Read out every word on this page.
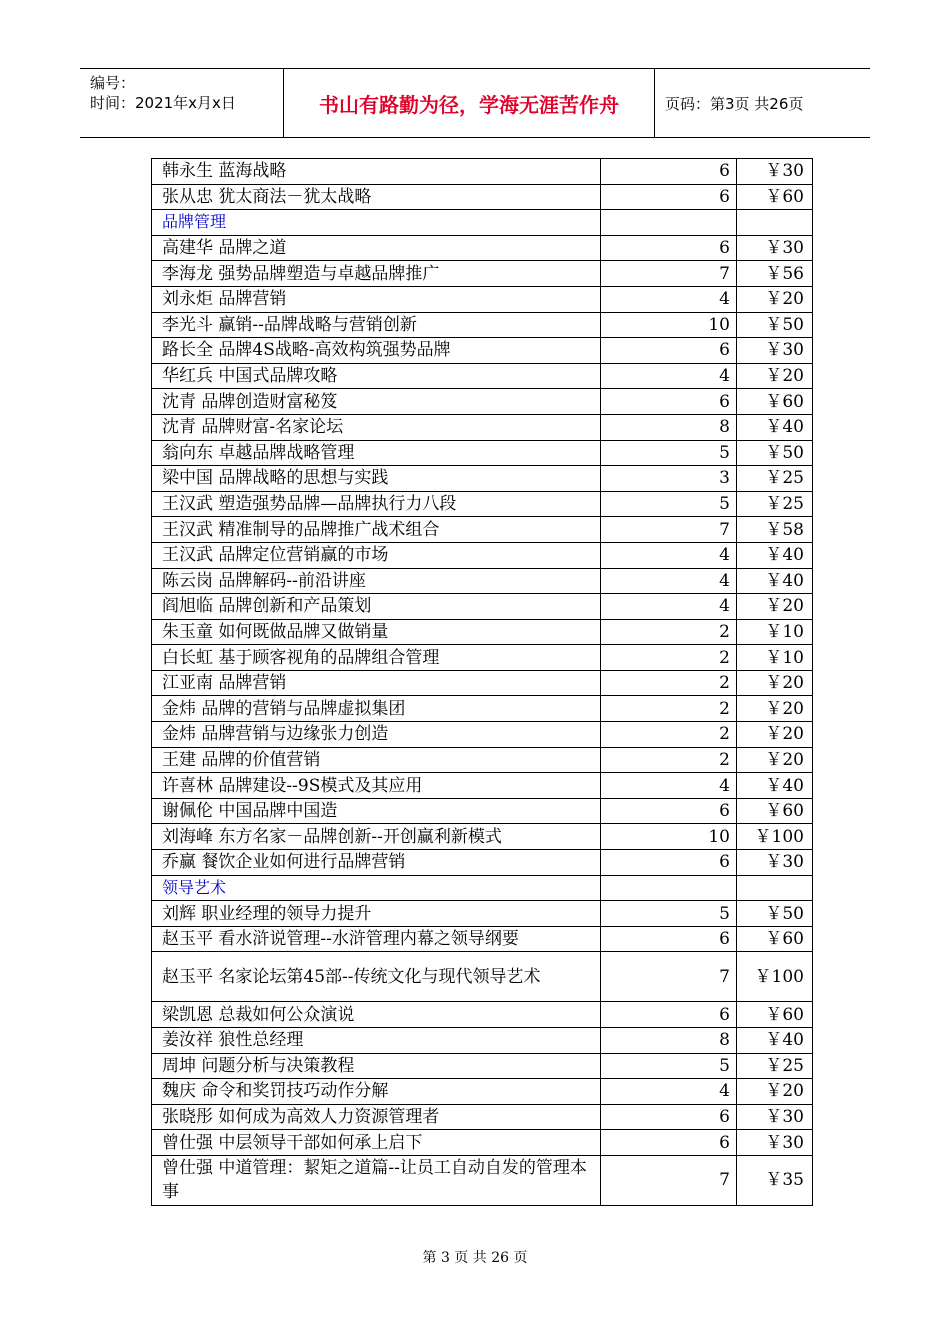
编号：
时间：2021年x月x日	书山有路勤为径，学海无涯苦作舟	页码：第3页 共26页
韩永生 蓝海战略	6	￥30
张从忠 犹太商法－犹太战略	6	￥60
品牌管理		
高建华 品牌之道	6	￥30
李海龙 强势品牌塑造与卓越品牌推广	7	￥56
刘永炬 品牌营销	4	￥20
李光斗 赢销--品牌战略与营销创新	10	￥50
路长全 品牌4S战略-高效构筑强势品牌	6	￥30
华红兵 中国式品牌攻略	4	￥20
沈青 品牌创造财富秘笈	6	￥60
沈青 品牌财富-名家论坛	8	￥40
翁向东 卓越品牌战略管理	5	￥50
梁中国 品牌战略的思想与实践	3	￥25
王汉武 塑造强势品牌—品牌执行力八段	5	￥25
王汉武 精准制导的品牌推广战术组合	7	￥58
王汉武 品牌定位营销赢的市场	4	￥40
陈云岗 品牌解码--前沿讲座	4	￥40
阎旭临 品牌创新和产品策划	4	￥20
朱玉童 如何既做品牌又做销量	2	￥10
白长虹 基于顾客视角的品牌组合管理	2	￥10
江亚南 品牌营销	2	￥20
金炜 品牌的营销与品牌虚拟集团	2	￥20
金炜 品牌营销与边缘张力创造	2	￥20
王建 品牌的价值营销	2	￥20
许喜林 品牌建设--9S模式及其应用	4	￥40
谢佩伦 中国品牌中国造	6	￥60
刘海峰 东方名家－品牌创新--开创赢利新模式	10	￥100
乔赢 餐饮企业如何进行品牌营销	6	￥30
领导艺术		
刘辉 职业经理的领导力提升	5	￥50
赵玉平 看水浒说管理--水浒管理内幕之领导纲要	6	￥60
赵玉平 名家论坛第45部--传统文化与现代领导艺术	7	￥100
梁凯恩 总裁如何公众演说	6	￥60
姜汝祥 狼性总经理	8	￥40
周坤 问题分析与决策教程	5	￥25
魏庆 命令和奖罚技巧动作分解	4	￥20
张晓彤 如何成为高效人力资源管理者	6	￥30
曾仕强 中层领导干部如何承上启下	6	￥30
曾仕强 中道管理：絜矩之道篇--让员工自动自发的管理本事	7	￥35
第 3 页 共 26 页
